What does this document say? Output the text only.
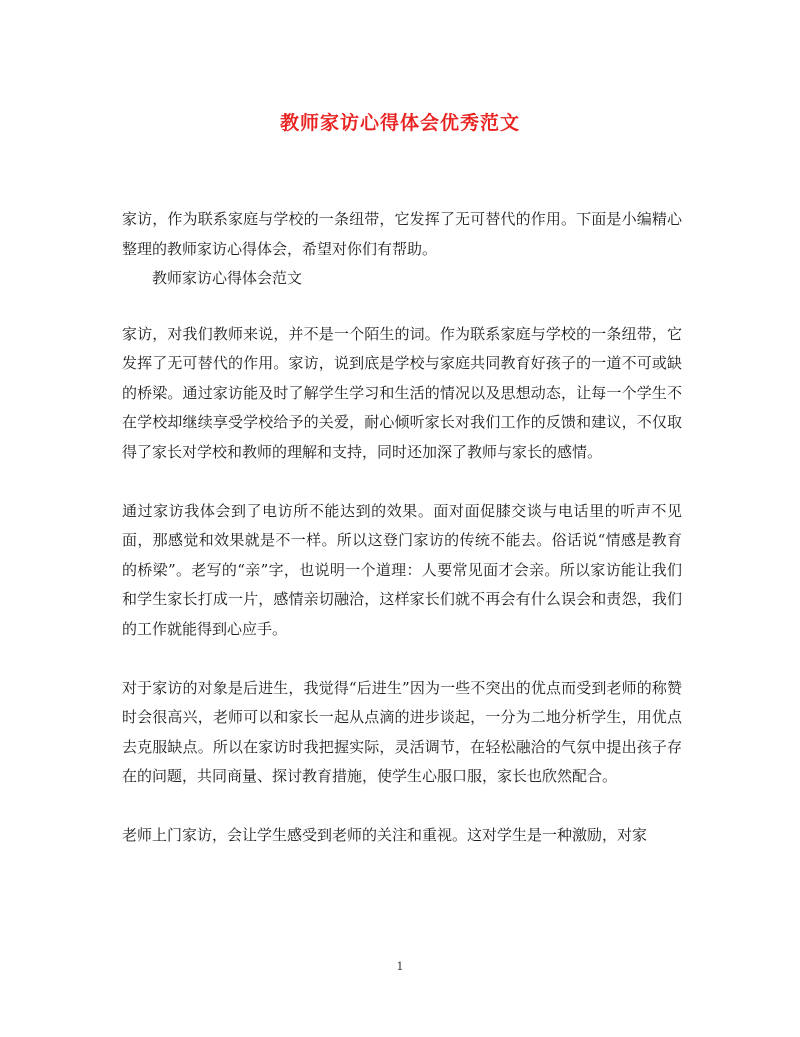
教师家访心得体会优秀范文

家访，作为联系家庭与学校的一条纽带，它发挥了无可替代的作用。下面是小编精心整理的教师家访心得体会，希望对你们有帮助。

教师家访心得体会范文

家访，对我们教师来说，并不是一个陌生的词。作为联系家庭与学校的一条纽带，它发挥了无可替代的作用。家访，说到底是学校与家庭共同教育好孩子的一道不可或缺的桥梁。通过家访能及时了解学生学习和生活的情况以及思想动态，让每一个学生不在学校却继续享受学校给予的关爱，耐心倾听家长对我们工作的反馈和建议，不仅取得了家长对学校和教师的理解和支持，同时还加深了教师与家长的感情。

通过家访我体会到了电访所不能达到的效果。面对面促膝交谈与电话里的听声不见面，那感觉和效果就是不一样。所以这登门家访的传统不能去。俗话说“情感是教育的桥梁”。老写的“亲”字，也说明一个道理：人要常见面才会亲。所以家访能让我们和学生家长打成一片，感情亲切融洽，这样家长们就不再会有什么误会和责怨，我们的工作就能得到心应手。

对于家访的对象是后进生，我觉得“后进生”因为一些不突出的优点而受到老师的称赞时会很高兴，老师可以和家长一起从点滴的进步谈起，一分为二地分析学生，用优点去克服缺点。所以在家访时我把握实际，灵活调节，在轻松融洽的气氛中提出孩子存在的问题，共同商量、探讨教育措施，使学生心服口服，家长也欣然配合。

老师上门家访，会让学生感受到老师的关注和重视。这对学生是一种激励，对家

1
